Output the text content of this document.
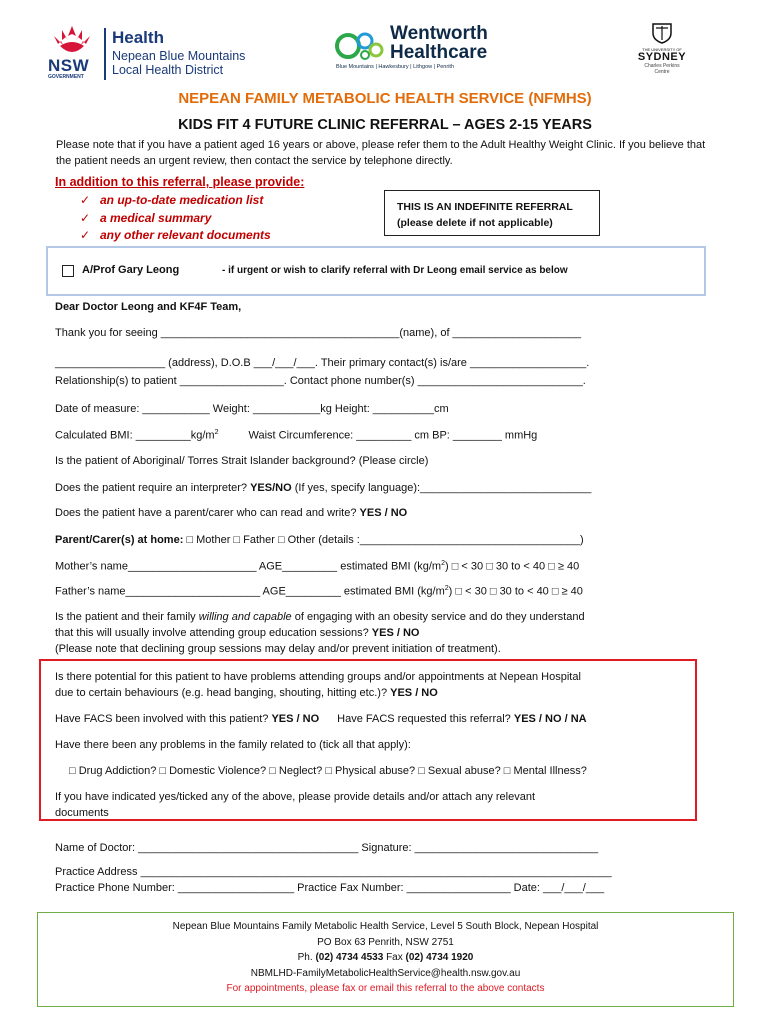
NSW
GOVERNMENT
Health
Nepean Blue Mountains
Local Health District
Wentworth
Healthcare
Blue Mountains | Hawkesbury | Lithgow | Penrith
THE UNIVERSITY OF
SYDNEY
Charles Perkins
Centre
NEPEAN FAMILY METABOLIC HEALTH SERVICE (NFMHS)
KIDS FIT 4 FUTURE CLINIC REFERRAL – AGES 2-15 YEARS
Please note that if you have a patient aged 16 years or above, please refer them to the Adult Healthy Weight Clinic. If you believe that the patient needs an urgent review, then contact the service by telephone directly.
In addition to this referral, please provide:
✓ an up-to-date medication list
✓ a medical summary
✓ any other relevant documents
THIS IS AN INDEFINITE REFERRAL
(please delete if not applicable)
A/Prof Gary Leong	- if urgent or wish to clarify referral with Dr Leong email service as below
Dear Doctor Leong and KF4F Team,
Thank you for seeing _______________________________________(name), of _____________________
__________________ (address), D.O.B ___/___/___. Their primary contact(s) is/are ___________________.
Relationship(s) to patient _________________. Contact phone number(s) ___________________________.
Date of measure: ___________ Weight: ___________kg Height: __________cm
Calculated BMI: $\_\_\_\_\_\_\_\_\_kg/m^2$	Waist Circumference: _________ cm BP: ________ mmHg
Is the patient of Aboriginal/ Torres Strait Islander background? (Please circle)
Does the patient require an interpreter? YES/NO (If yes, specify language):____________________________
Does the patient have a parent/carer who can read and write? YES / NO
Parent/Carer(s) at home: □ Mother □ Father □ Other (details :____________________________________)
Mother’s name_____________________ AGE_________ estimated BMI $(kg/m^2)$ □ < 30 □ 30 to < 40 □ ≥ 40
Father’s name______________________ AGE_________ estimated BMI $(kg/m^2)$ □ < 30 □ 30 to < 40 □ ≥ 40
Is the patient and their family willing and capable of engaging with an obesity service and do they understand
that this will usually involve attending group education sessions? YES / NO
(Please note that declining group sessions may delay and/or prevent initiation of treatment).
Is there potential for this patient to have problems attending groups and/or appointments at Nepean Hospital
due to certain behaviours (e.g. head banging, shouting, hitting etc.)? YES / NO
Have FACS been involved with this patient? YES / NO Have FACS requested this referral? YES / NO / NA
Have there been any problems in the family related to (tick all that apply):
□ Drug Addiction? □ Domestic Violence? □ Neglect? □ Physical abuse? □ Sexual abuse? □ Mental Illness?
If you have indicated yes/ticked any of the above, please provide details and/or attach any relevant
documents
Name of Doctor: ____________________________________ Signature: ______________________________
Practice Address _____________________________________________________________________________
Practice Phone Number: ___________________ Practice Fax Number: _________________ Date: ___/___/___
Nepean Blue Mountains Family Metabolic Health Service, Level 5 South Block, Nepean Hospital
PO Box 63 Penrith, NSW 2751
Ph. (02) 4734 4533 Fax (02) 4734 1920
NBMLHD-FamilyMetabolicHealthService@health.nsw.gov.au
For appointments, please fax or email this referral to the above contacts
